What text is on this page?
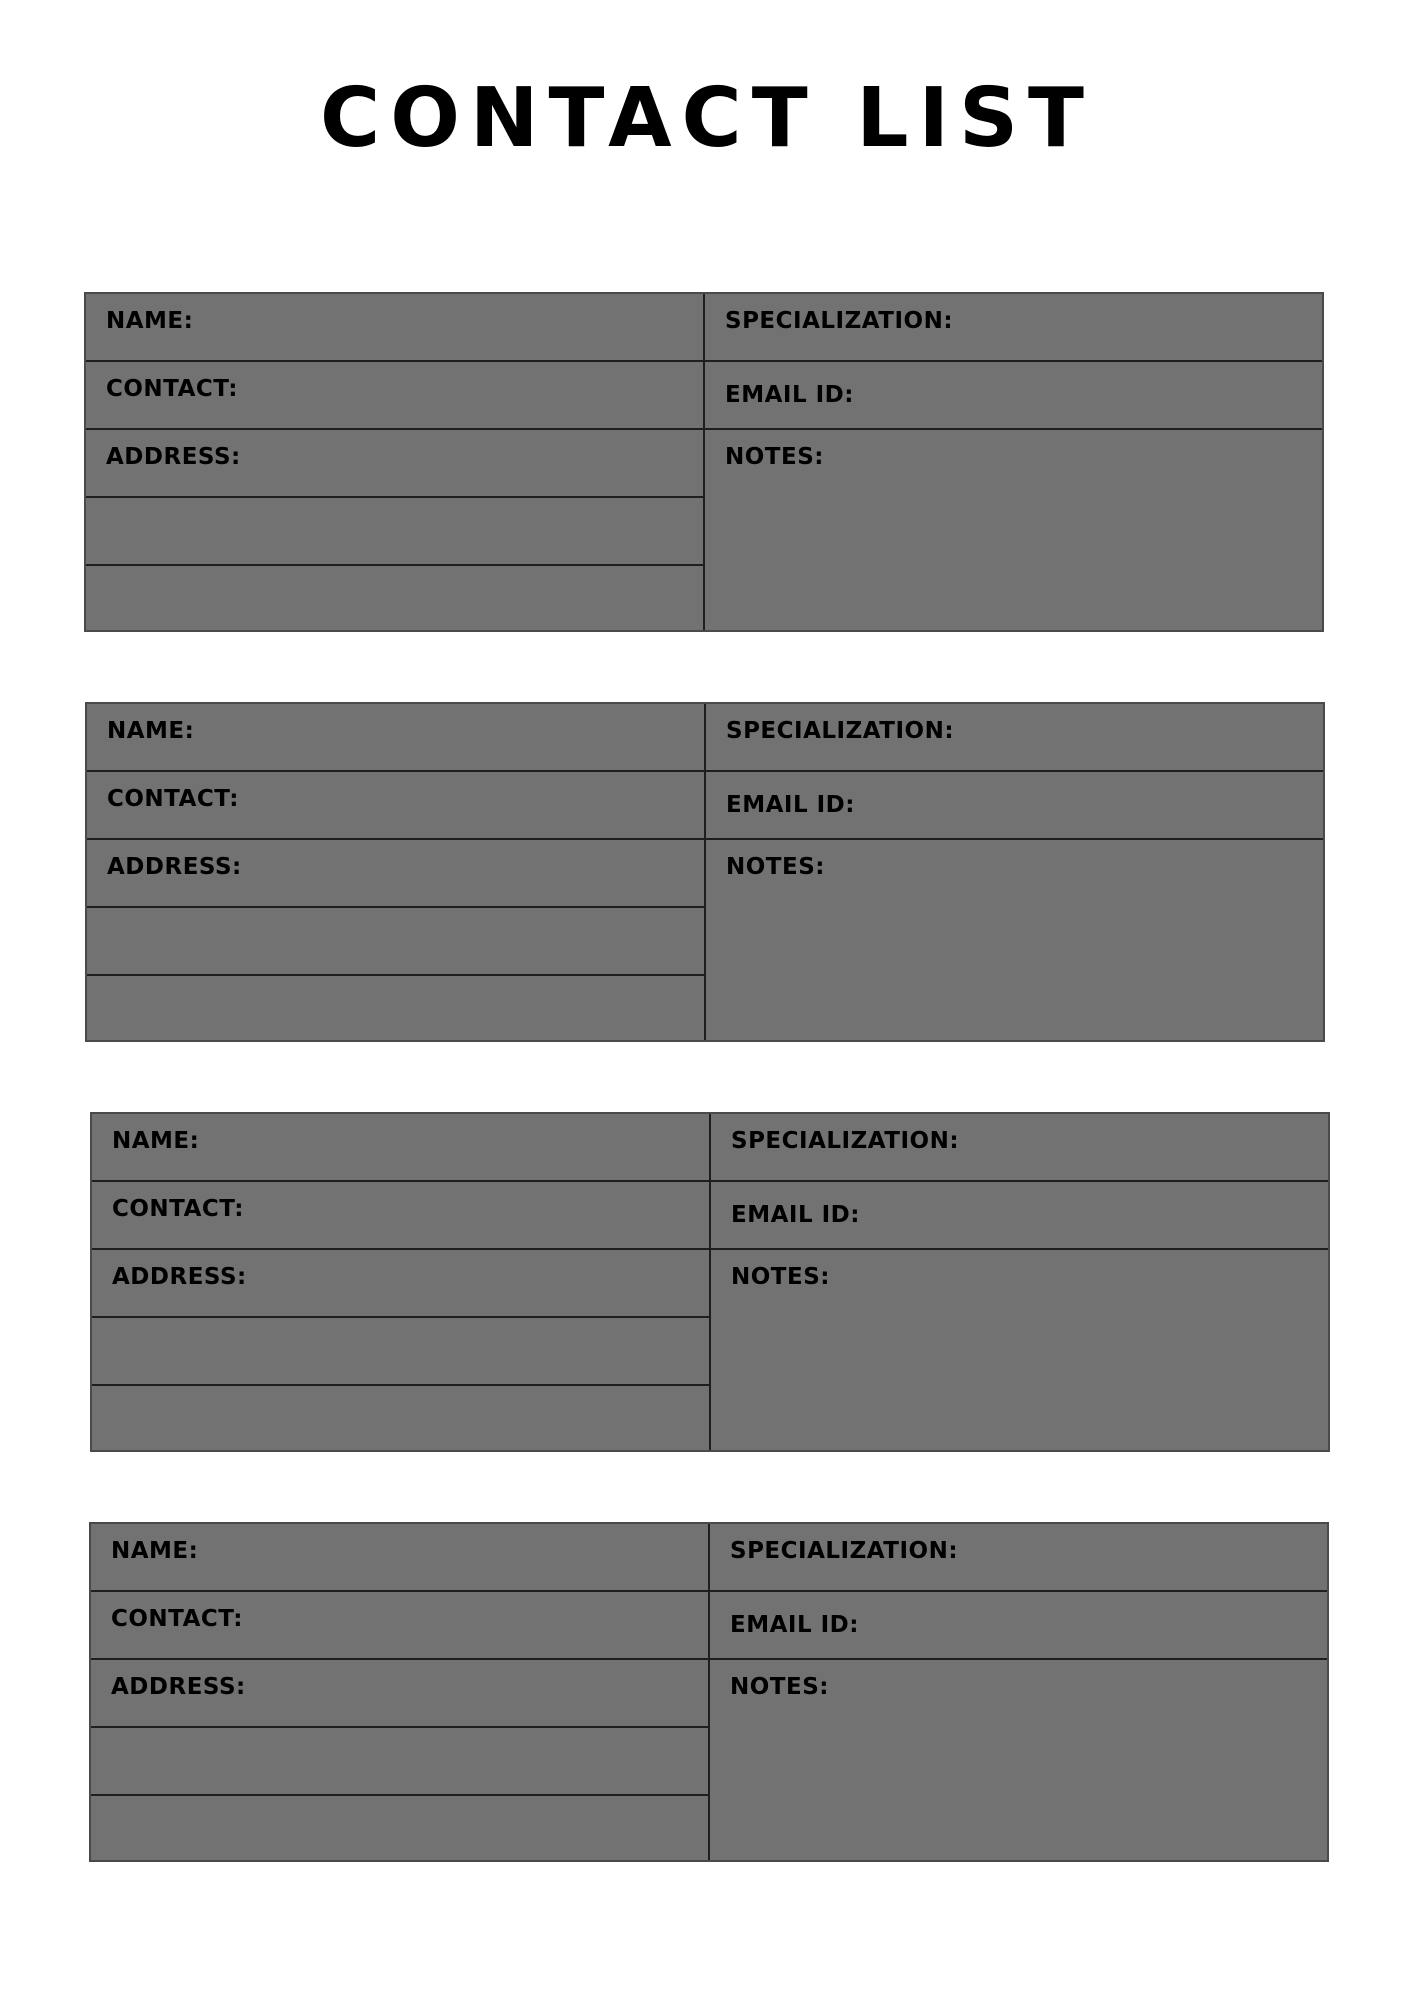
CONTACT LIST
NAME:
CONTACT:
ADDRESS:
SPECIALIZATION:
EMAIL ID:
NOTES:
NAME:
CONTACT:
ADDRESS:
SPECIALIZATION:
EMAIL ID:
NOTES:
NAME:
CONTACT:
ADDRESS:
SPECIALIZATION:
EMAIL ID:
NOTES:
NAME:
CONTACT:
ADDRESS:
SPECIALIZATION:
EMAIL ID:
NOTES:
